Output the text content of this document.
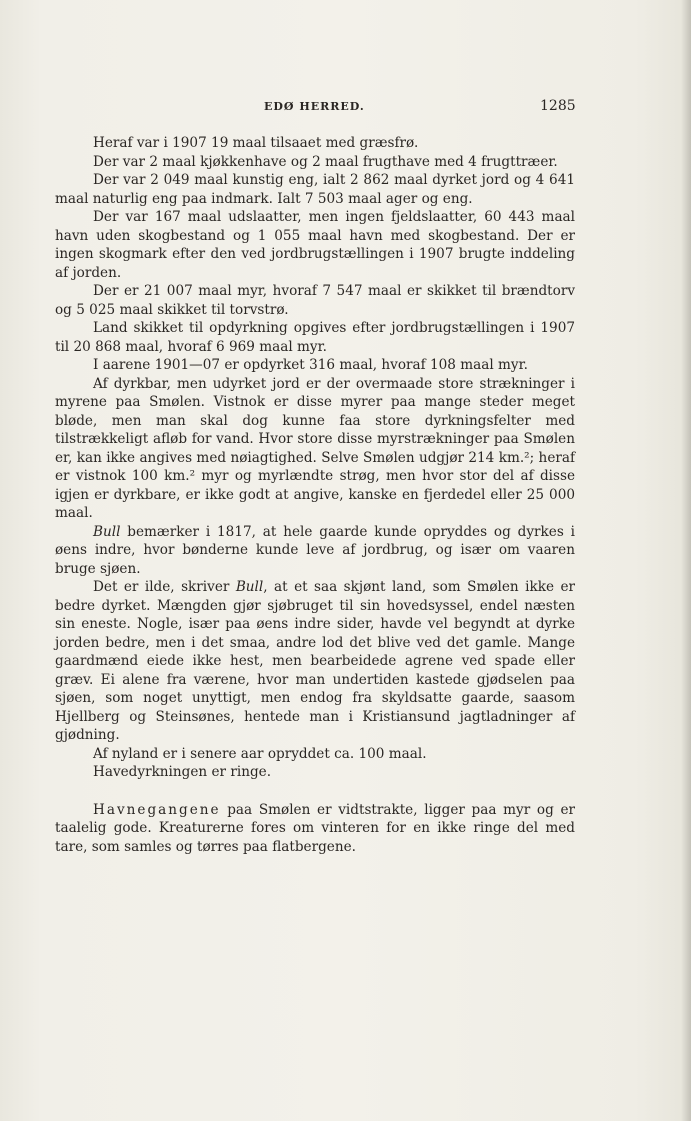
EDØ HERRED.	1285

Heraf var i 1907 19 maal tilsaaet med græsfrø.

Der var 2 maal kjøkkenhave og 2 maal frugthave med 4 frugttræer.

Der var 2 049 maal kunstig eng, ialt 2 862 maal dyrket jord og 4 641 maal naturlig eng paa indmark. Ialt 7 503 maal ager og eng.

Der var 167 maal udslaatter, men ingen fjeldslaatter, 60 443 maal havn uden skogbestand og 1 055 maal havn med skogbestand. Der er ingen skogmark efter den ved jordbrugstællingen i 1907 brugte inddeling af jorden.

Der er 21 007 maal myr, hvoraf 7 547 maal er skikket til brændtorv og 5 025 maal skikket til torvstrø.

Land skikket til opdyrkning opgives efter jordbrugstællingen i 1907 til 20 868 maal, hvoraf 6 969 maal myr.

I aarene 1901—07 er opdyrket 316 maal, hvoraf 108 maal myr.

Af dyrkbar, men udyrket jord er der overmaade store strækninger i myrene paa Smølen. Vistnok er disse myrer paa mange steder meget bløde, men man skal dog kunne faa store dyrkningsfelter med tilstrækkeligt afløb for vand. Hvor store disse myrstrækninger paa Smølen er, kan ikke angives med nøiagtighed. Selve Smølen udgjør 214 km.²; heraf er vistnok 100 km.² myr og myrlændte strøg, men hvor stor del af disse igjen er dyrkbare, er ikke godt at angive, kanske en fjerdedel eller 25 000 maal.

Bull bemærker i 1817, at hele gaarde kunde opryddes og dyrkes i øens indre, hvor bønderne kunde leve af jordbrug, og især om vaaren bruge sjøen.

Det er ilde, skriver Bull, at et saa skjønt land, som Smølen ikke er bedre dyrket. Mængden gjør sjøbruget til sin hovedsyssel, endel næsten sin eneste. Nogle, især paa øens indre sider, havde vel begyndt at dyrke jorden bedre, men i det smaa, andre lod det blive ved det gamle. Mange gaardmænd eiede ikke hest, men bearbeidede agrene ved spade eller græv. Ei alene fra værene, hvor man undertiden kastede gjødselen paa sjøen, som noget unyttigt, men endog fra skyldsatte gaarde, saasom Hjellberg og Steinsønes, hentede man i Kristiansund jagtladninger af gjødning.

Af nyland er i senere aar opryddet ca. 100 maal.

Havedyrkningen er ringe.

Havnegangene paa Smølen er vidtstrakte, ligger paa myr og er taalelig gode. Kreaturerne fores om vinteren for en ikke ringe del med tare, som samles og tørres paa flatbergene.
